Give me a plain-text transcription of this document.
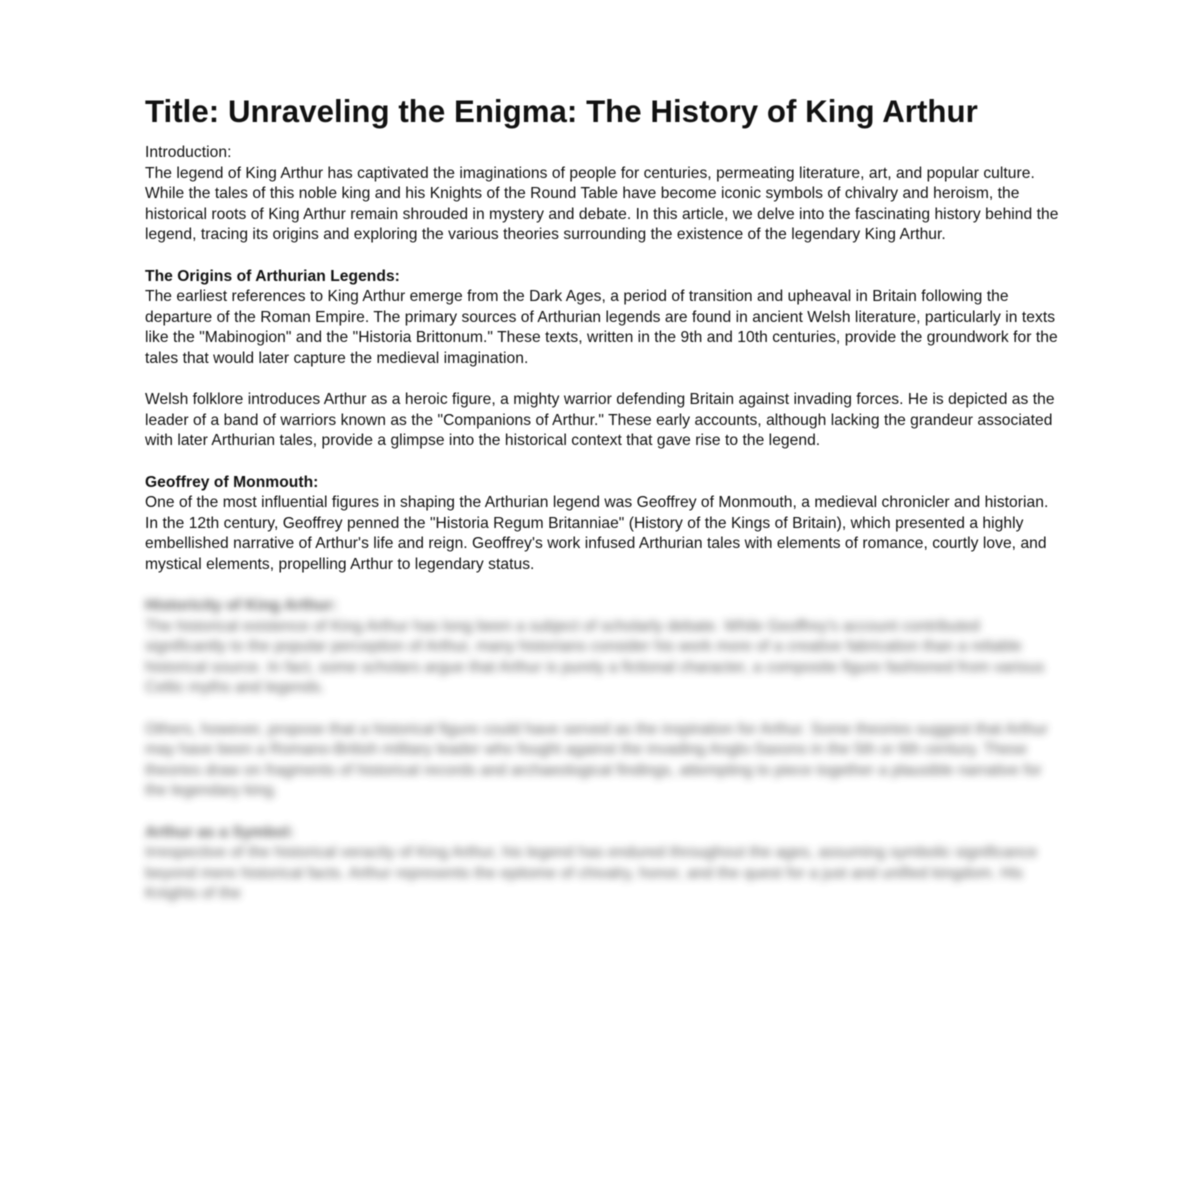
Title: Unraveling the Enigma: The History of King Arthur

Introduction:

The legend of King Arthur has captivated the imaginations of people for centuries, permeating literature, art, and popular culture. While the tales of this noble king and his Knights of the Round Table have become iconic symbols of chivalry and heroism, the historical roots of King Arthur remain shrouded in mystery and debate. In this article, we delve into the fascinating history behind the legend, tracing its origins and exploring the various theories surrounding the existence of the legendary King Arthur.

The Origins of Arthurian Legends:

The earliest references to King Arthur emerge from the Dark Ages, a period of transition and upheaval in Britain following the departure of the Roman Empire. The primary sources of Arthurian legends are found in ancient Welsh literature, particularly in texts like the "Mabinogion" and the "Historia Brittonum." These texts, written in the 9th and 10th centuries, provide the groundwork for the tales that would later capture the medieval imagination.

Welsh folklore introduces Arthur as a heroic figure, a mighty warrior defending Britain against invading forces. He is depicted as the leader of a band of warriors known as the "Companions of Arthur." These early accounts, although lacking the grandeur associated with later Arthurian tales, provide a glimpse into the historical context that gave rise to the legend.

Geoffrey of Monmouth:

One of the most influential figures in shaping the Arthurian legend was Geoffrey of Monmouth, a medieval chronicler and historian. In the 12th century, Geoffrey penned the "Historia Regum Britanniae" (History of the Kings of Britain), which presented a highly embellished narrative of Arthur's life and reign. Geoffrey's work infused Arthurian tales with elements of romance, courtly love, and mystical elements, propelling Arthur to legendary status.

Historicity of King Arthur:

The historical existence of King Arthur has long been a subject of scholarly debate. While Geoffrey's account contributed significantly to the popular perception of Arthur, many historians consider his work more of a creative fabrication than a reliable historical source. In fact, some scholars argue that Arthur is purely a fictional character, a composite figure fashioned from various Celtic myths and legends.

Others, however, propose that a historical figure could have served as the inspiration for Arthur. Some theories suggest that Arthur may have been a Romano-British military leader who fought against the invading Anglo-Saxons in the 5th or 6th century. These theories draw on fragments of historical records and archaeological findings, attempting to piece together a plausible narrative for the legendary king.

Arthur as a Symbol:

Irrespective of the historical veracity of King Arthur, his legend has endured throughout the ages, assuming symbolic significance beyond mere historical facts. Arthur represents the epitome of chivalry, honor, and the quest for a just and unified kingdom. His Knights of the
